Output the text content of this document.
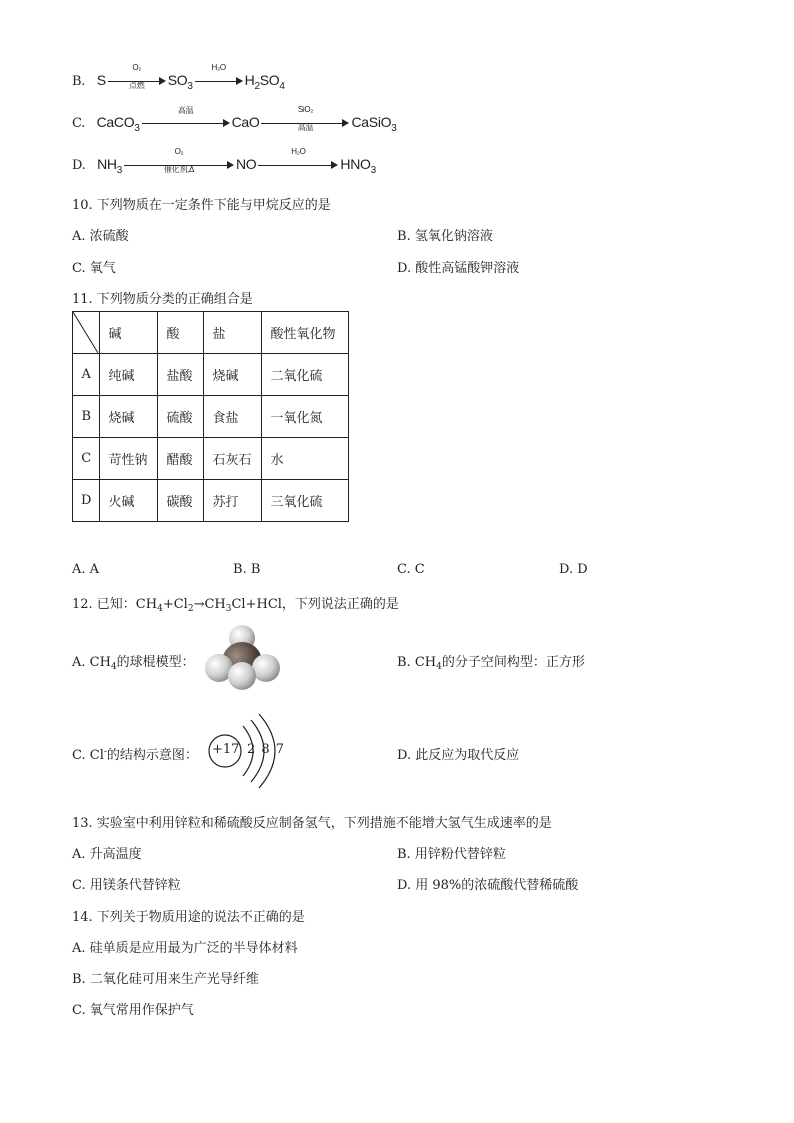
B. S
O₂
点燃	$SO_3$
H₂O
$H_2SO_4$
C. CaCO$_3$
高温
CaO
SiO₂
高温	CaSiO$_3$
D. $NH_3$
O₂
催化剂,Δ	NO
H₂O
$HNO_3$
10. 下列物质在一定条件下能与甲烷反应的是
A. 浓硫酸	B. 氢氧化钠溶液
C. 氧气	D. 酸性高锰酸钾溶液
11. 下列物质分类的正确组合是
	碱	酸	盐	酸性氧化物
A	纯碱	盐酸	烧碱	二氧化硫
B	烧碱	硫酸	食盐	一氧化氮
C	苛性钠	醋酸	石灰石	水
D	火碱	碳酸	苏打	三氧化硫
A. A	B. B	C. C	D. D
12. 已知：$CH_4+Cl_2\to CH_3Cl+HCl$，下列说法正确的是
A. $CH_4$的球棍模型：	B. $CH_4$的分子空间构型：正方形
C. Cl-的结构示意图： +17 2 8 7	D. 此反应为取代反应
13. 实验室中利用锌粒和稀硫酸反应制备氢气，下列措施不能增大氢气生成速率的是
A. 升高温度	B. 用锌粉代替锌粒
C. 用镁条代替锌粒	D. 用 98%的浓硫酸代替稀硫酸
14. 下列关于物质用途的说法不正确的是
A. 硅单质是应用最为广泛的半导体材料
B. 二氧化硅可用来生产光导纤维
C. 氧气常用作保护气
